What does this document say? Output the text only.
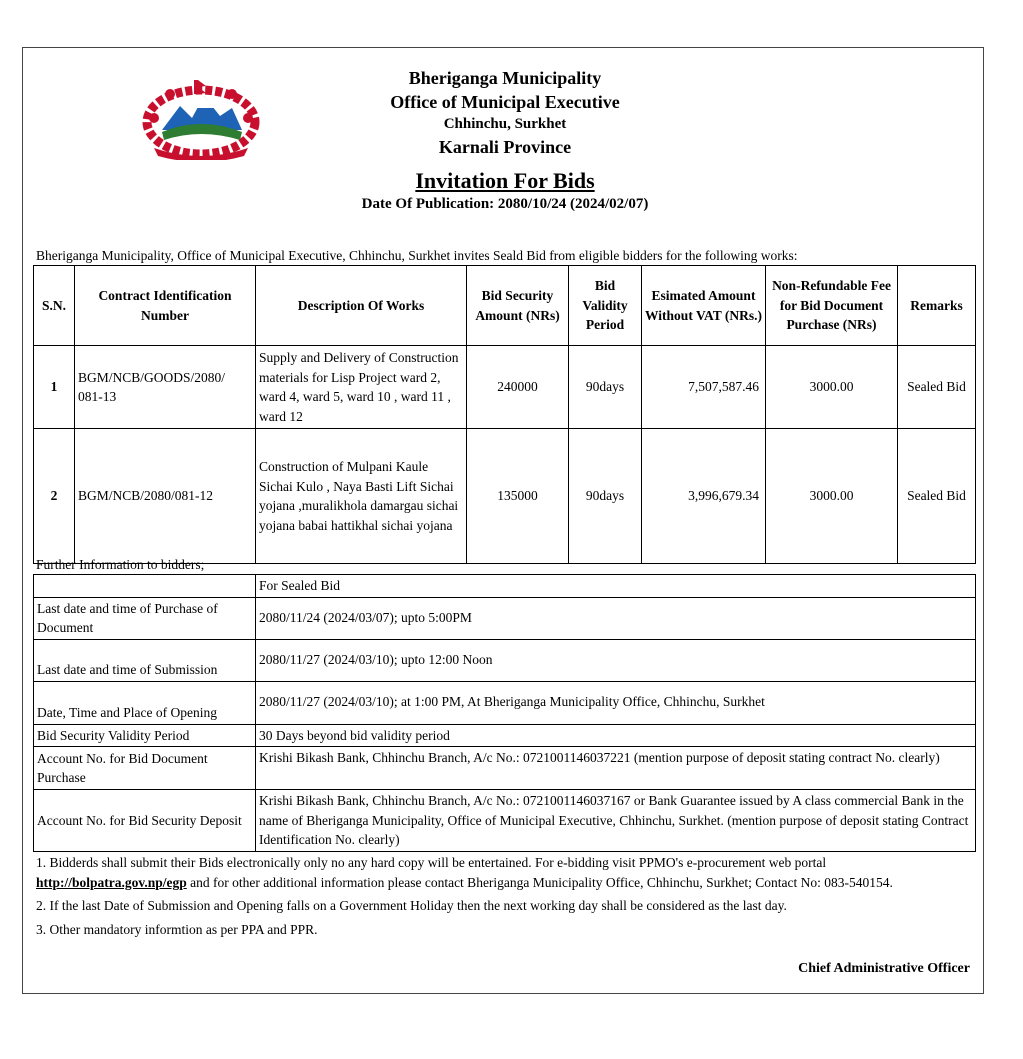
Bheriganga Municipality
Office of Municipal Executive
Chhinchu, Surkhet
Karnali Province
Invitation For Bids
Date Of Publication: 2080/10/24 (2024/02/07)
Bheriganga Municipality, Office of Municipal Executive, Chhinchu, Surkhet invites Seald Bid from eligible bidders for the following works:
S.N.	Contract Identification Number	Description Of Works	Bid Security Amount (NRs)	Bid Validity Period	Esimated Amount Without VAT (NRs.)	Non-Refundable Fee for Bid Document Purchase (NRs)	Remarks
1	BGM/NCB/GOODS/2080/ 081-13	Supply and Delivery of Construction materials for Lisp Project ward 2, ward 4, ward 5, ward 10 , ward 11 , ward 12	240000	90days	7,507,587.46	3000.00	Sealed Bid
2	BGM/NCB/2080/081-12	Construction of Mulpani Kaule Sichai Kulo , Naya Basti Lift Sichai yojana ,muralikhola damargau sichai yojana babai hattikhal sichai yojana	135000	90days	3,996,679.34	3000.00	Sealed Bid
Further Information to bidders;
	For Sealed Bid
Last date and time of Purchase of Document	2080/11/24 (2024/03/07); upto 5:00PM
Last date and time of Submission	2080/11/27 (2024/03/10); upto 12:00 Noon
Date, Time and Place of Opening	2080/11/27 (2024/03/10); at 1:00 PM, At Bheriganga Municipality Office, Chhinchu, Surkhet
Bid Security Validity Period	30 Days beyond bid validity period
Account No. for Bid Document Purchase	Krishi Bikash Bank, Chhinchu Branch, A/c No.: 0721001146037221 (mention purpose of deposit stating contract No. clearly)
Account No. for Bid Security Deposit	Krishi Bikash Bank, Chhinchu Branch, A/c No.: 0721001146037167 or Bank Guarantee issued by A class commercial Bank in the name of Bheriganga Municipality, Office of Municipal Executive, Chhinchu, Surkhet. (mention purpose of deposit stating Contract Identification No. clearly)

1. Bidderds shall submit their Bids electronically only no any hard copy will be entertained. For e-bidding visit PPMO's e-procurement web portal http://bolpatra.gov.np/egp and for other additional information please contact Bheriganga Municipality Office, Chhinchu, Surkhet; Contact No: 083-540154.

2. If the last Date of Submission and Opening falls on a Government Holiday then the next working day shall be considered as the last day.

3. Other mandatory informtion as per PPA and PPR.

Chief Administrative Officer
